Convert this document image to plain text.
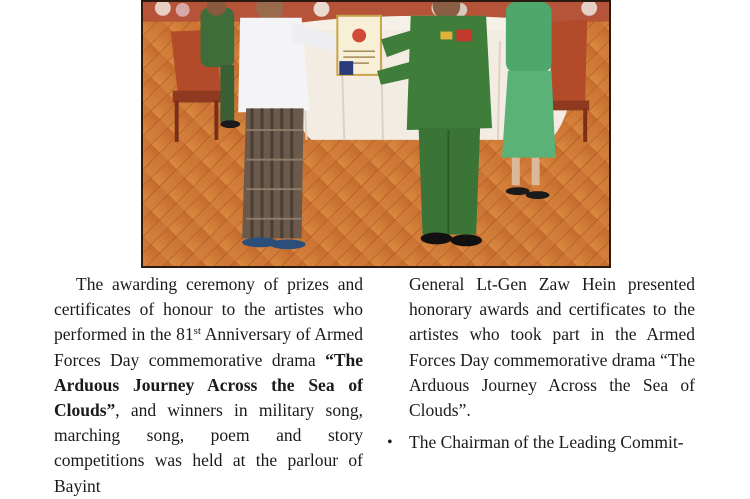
The awarding ceremony of prizes and certificates of honour to the artistes who performed in the 81st Anniversary of Armed Forces Day commemorative drama “The Arduous Journey Across the Sea of Clouds”, and winners in military song, marching song, poem and story competitions was held at the parlour of Bayint

General Lt-Gen Zaw Hein presented honorary awards and certificates to the artistes who took part in the Armed Forces Day commemorative drama “The Arduous Journey Across the Sea of Clouds”.

• The Chairman of the Leading Commit-
